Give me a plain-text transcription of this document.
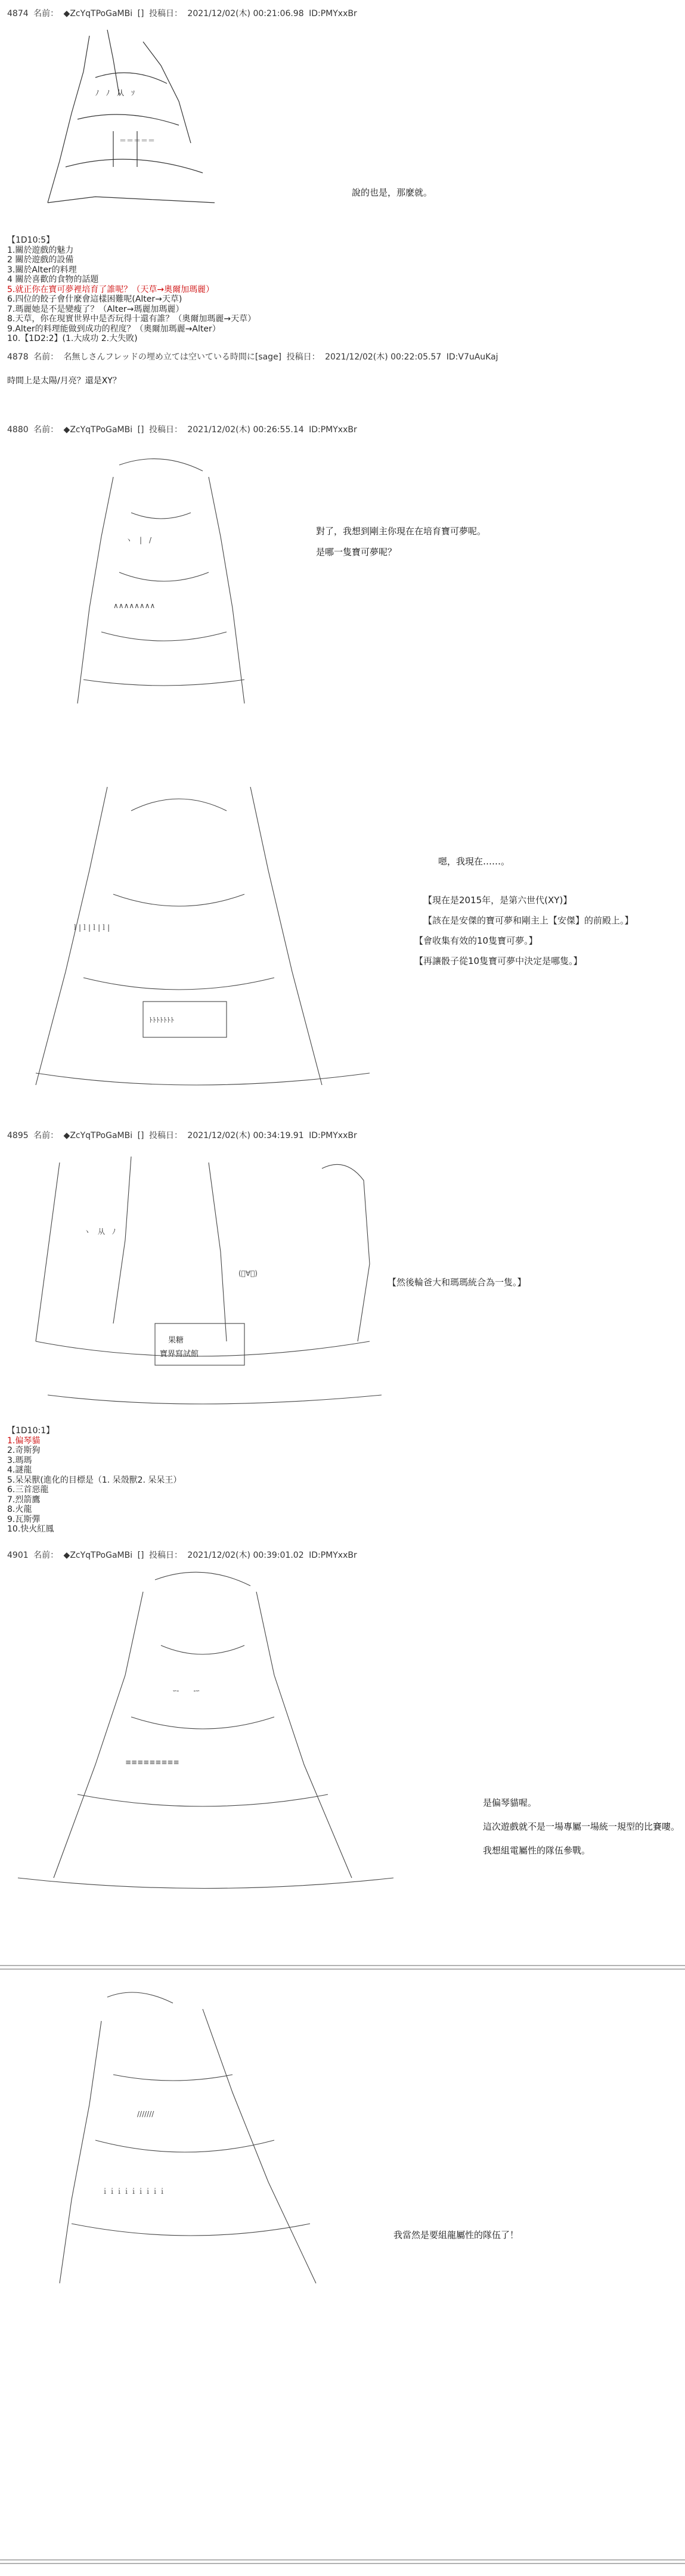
4874 名前： ◆ZcYqTPoGaMBi [] 投稿日： 2021/12/02(木) 00:21:06.98 ID:PMYxxBr
ﾉ　ﾉ　从　ｿ
＝＝＝＝＝
說的也是，那麼就。
【1D10:5】
1.關於遊戲的魅力
2 關於遊戲的設備
3.關於Alter的料理
4 關於喜歡的食物的話題
5.就正你在寶可夢裡培育了誰呢？（天草→奧爾加瑪麗）
6.四位的餃子會什麼會這樣困難呢(Alter→天草)
7.瑪麗她是不是變瘦了？（Alter→瑪麗加瑪麗）
8.天草，你在現實世界中是否玩得十還有誰？（奧爾加瑪麗→天草）
9.Alter的料理能做到成功的程度？（奧爾加瑪麗→Alter）
10.【1D2:2】(1.大成功 2.大失敗)
4878 名前： 名無しさんフレッドの埋め立ては空いている時間に[sage] 投稿日： 2021/12/02(木) 00:22:05.57 ID:V7uAuKaj
時間上是太陽/月亮？還是XY？
4880 名前： ◆ZcYqTPoGaMBi [] 投稿日： 2021/12/02(木) 00:26:55.14 ID:PMYxxBr
ヽ　|　/
∧∧∧∧∧∧∧∧
對了，我想到剛主你現在在培育寶可夢呢。
是哪一隻寶可夢呢？
ﾄﾄﾄﾄﾄﾄﾄ
ｌ|ｌ|ｌ|ｌ|
嗯，我現在……。
【現在是2015年，是第六世代(XY)】
【該在是安傑的寶可夢和剛主上【安傑】的前殿上。】
【會收集有效的10隻寶可夢。】
【再讓骰子從10隻寶可夢中決定是哪隻。】
4895 名前： ◆ZcYqTPoGaMBi [] 投稿日： 2021/12/02(木) 00:34:19.91 ID:PMYxxBr
ヽ　从　ﾉ
(ﾟ∀ﾟ)
果糖
寶界寫試館
【然後輪爸大和瑪瑪統合為一隻。】
【1D10:1】
1.偏琴貓
2.奇斯狗
3.瑪瑪
4.謎龍
5.呆呆獸(進化的目標是（1. 呆殼獸2. 呆呆王）
6.三首惡龍
7.烈箭鷹
8.火龍
9.瓦斯彈
10.快火紅鳳
4901 名前： ◆ZcYqTPoGaMBi [] 投稿日： 2021/12/02(木) 00:39:01.02 ID:PMYxxBr
ｰ‐　　‐ｰ
≡≡≡≡≡≡≡≡≡
是偏琴貓喔。
這次遊戲就不是一場專屬一場統一規型的比賽嘍。
我想組電屬性的隊伍參戰。
///////
ｉｉｉｉｉｉｉｉｉ
我當然是要組龍屬性的隊伍了！
